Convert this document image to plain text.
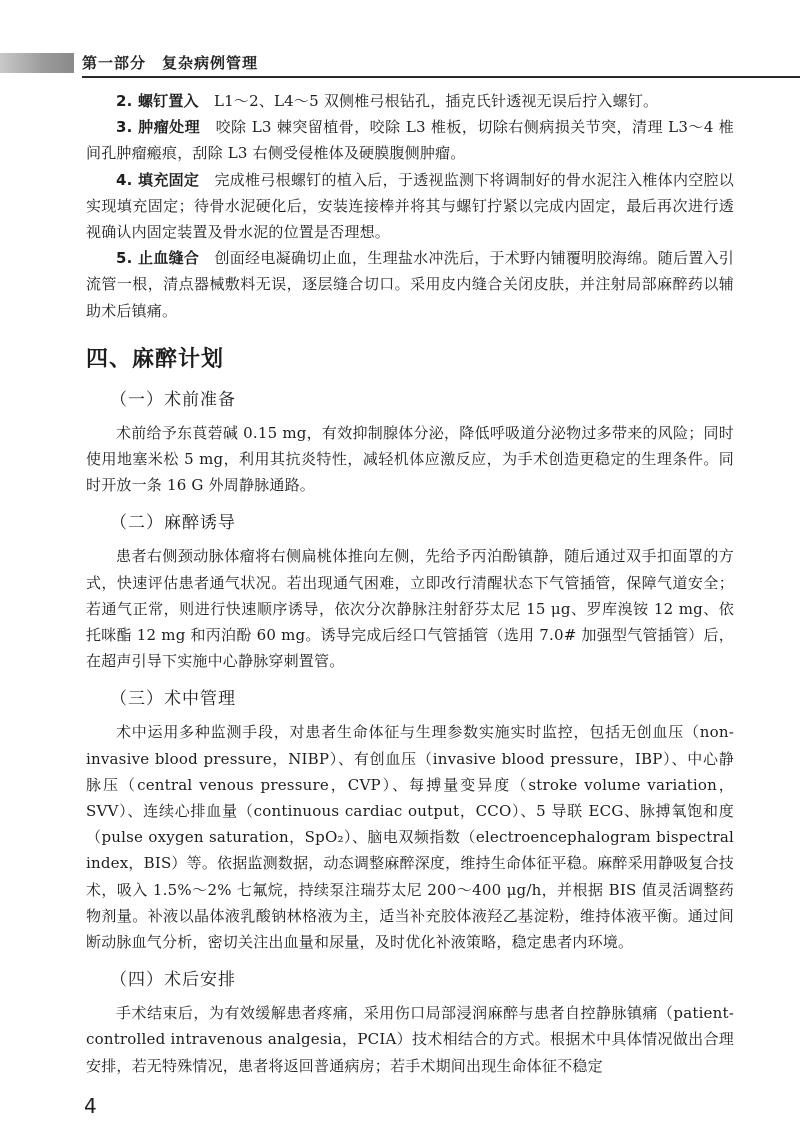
第一部分　复杂病例管理

2. 螺钉置入　 L1～2、L4～5 双侧椎弓根钻孔，插克氏针透视无误后拧入螺钉。

3. 肿瘤处理　 咬除 L3 棘突留植骨，咬除 L3 椎板，切除右侧病损关节突，清理 L3～4 椎间孔肿瘤瘢痕，刮除 L3 右侧受侵椎体及硬膜腹侧肿瘤。

4. 填充固定　 完成椎弓根螺钉的植入后，于透视监测下将调制好的骨水泥注入椎体内空腔以实现填充固定；待骨水泥硬化后，安装连接棒并将其与螺钉拧紧以完成内固定，最后再次进行透视确认内固定装置及骨水泥的位置是否理想。

5. 止血缝合　 创面经电凝确切止血，生理盐水冲洗后，于术野内铺覆明胶海绵。随后置入引流管一根，清点器械敷料无误，逐层缝合切口。采用皮内缝合关闭皮肤，并注射局部麻醉药以辅助术后镇痛。

四、麻醉计划
（一）术前准备

术前给予东莨菪碱 0.15 mg，有效抑制腺体分泌，降低呼吸道分泌物过多带来的风险；同时使用地塞米松 5 mg，利用其抗炎特性，减轻机体应激反应，为手术创造更稳定的生理条件。同时开放一条 16 G 外周静脉通路。

（二）麻醉诱导

患者右侧颈动脉体瘤将右侧扁桃体推向左侧，先给予丙泊酚镇静，随后通过双手扣面罩的方式，快速评估患者通气状况。若出现通气困难，立即改行清醒状态下气管插管，保障气道安全；若通气正常，则进行快速顺序诱导，依次分次静脉注射舒芬太尼 15 μg、罗库溴铵 12 mg、依托咪酯 12 mg 和丙泊酚 60 mg。诱导完成后经口气管插管（选用 7.0# 加强型气管插管）后，在超声引导下实施中心静脉穿刺置管。

（三）术中管理

术中运用多种监测手段，对患者生命体征与生理参数实施实时监控，包括无创血压（non-invasive blood pressure，NIBP）、有创血压（invasive blood pressure，IBP）、中心静脉压（central venous pressure，CVP）、每搏量变异度（stroke volume variation，SVV）、连续心排血量（continuous cardiac output，CCO）、5 导联 ECG、脉搏氧饱和度（pulse oxygen saturation，SpO₂）、脑电双频指数（electroencephalogram bispectral index，BIS）等。依据监测数据，动态调整麻醉深度，维持生命体征平稳。麻醉采用静吸复合技术，吸入 1.5%～2% 七氟烷，持续泵注瑞芬太尼 200～400 μg/h，并根据 BIS 值灵活调整药物剂量。补液以晶体液乳酸钠林格液为主，适当补充胶体液羟乙基淀粉，维持体液平衡。通过间断动脉血气分析，密切关注出血量和尿量，及时优化补液策略，稳定患者内环境。

（四）术后安排

手术结束后，为有效缓解患者疼痛，采用伤口局部浸润麻醉与患者自控静脉镇痛（patient-controlled intravenous analgesia，PCIA）技术相结合的方式。根据术中具体情况做出合理安排，若无特殊情况，患者将返回普通病房；若手术期间出现生命体征不稳定

4
